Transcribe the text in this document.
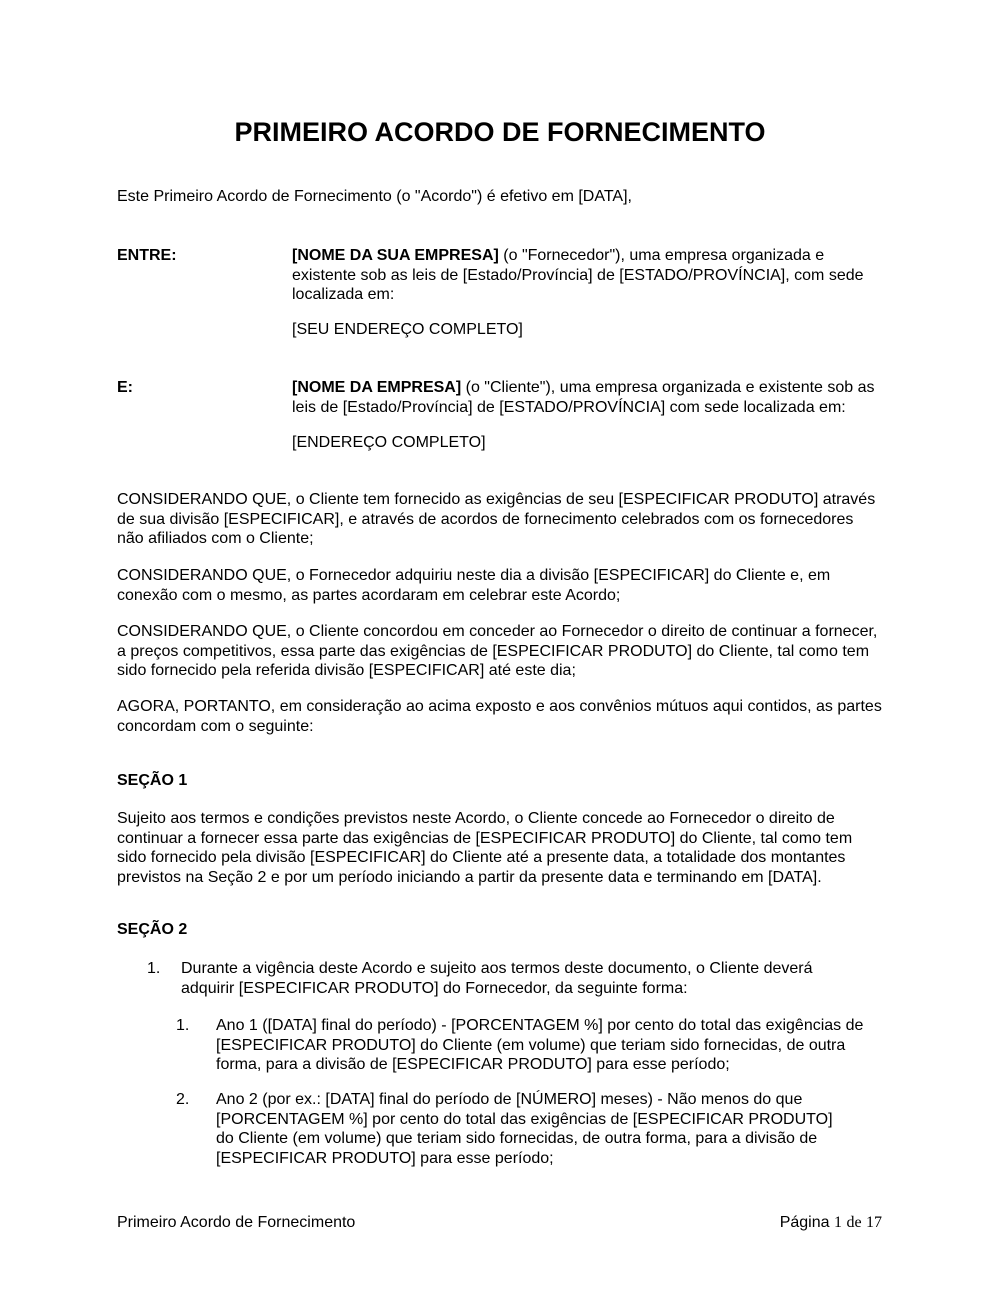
PRIMEIRO ACORDO DE FORNECIMENTO
Este Primeiro Acordo de Fornecimento (o "Acordo") é efetivo em [DATA],
ENTRE:	[NOME DA SUA EMPRESA] (o "Fornecedor"), uma empresa organizada e existente sob as leis de [Estado/Província] de [ESTADO/PROVÍNCIA], com sede localizada em:
[SEU ENDEREÇO COMPLETO]
E:	[NOME DA EMPRESA] (o "Cliente"), uma empresa organizada e existente sob as leis de [Estado/Província] de [ESTADO/PROVÍNCIA] com sede localizada em:
[ENDEREÇO COMPLETO]
CONSIDERANDO QUE, o Cliente tem fornecido as exigências de seu [ESPECIFICAR PRODUTO] através de sua divisão [ESPECIFICAR], e através de acordos de fornecimento celebrados com os fornecedores não afiliados com o Cliente;
CONSIDERANDO QUE, o Fornecedor adquiriu neste dia a divisão [ESPECIFICAR] do Cliente e, em conexão com o mesmo, as partes acordaram em celebrar este Acordo;
CONSIDERANDO QUE, o Cliente concordou em conceder ao Fornecedor o direito de continuar a fornecer, a preços competitivos, essa parte das exigências de [ESPECIFICAR PRODUTO] do Cliente, tal como tem sido fornecido pela referida divisão [ESPECIFICAR] até este dia;
AGORA, PORTANTO, em consideração ao acima exposto e aos convênios mútuos aqui contidos, as partes concordam com o seguinte:
SEÇÃO 1
Sujeito aos termos e condições previstos neste Acordo, o Cliente concede ao Fornecedor o direito de continuar a fornecer essa parte das exigências de [ESPECIFICAR PRODUTO] do Cliente, tal como tem sido fornecido pela divisão [ESPECIFICAR] do Cliente até a presente data, a totalidade dos montantes previstos na Seção 2 e por um período iniciando a partir da presente data e terminando em [DATA].
SEÇÃO 2
1. Durante a vigência deste Acordo e sujeito aos termos deste documento, o Cliente deverá adquirir [ESPECIFICAR PRODUTO] do Fornecedor, da seguinte forma:
1. Ano 1 ([DATA] final do período) - [PORCENTAGEM %] por cento do total das exigências de [ESPECIFICAR PRODUTO] do Cliente (em volume) que teriam sido fornecidas, de outra forma, para a divisão de [ESPECIFICAR PRODUTO] para esse período;
2. Ano 2 (por ex.: [DATA] final do período de [NÚMERO] meses) - Não menos do que [PORCENTAGEM %] por cento do total das exigências de [ESPECIFICAR PRODUTO] do Cliente (em volume) que teriam sido fornecidas, de outra forma, para a divisão de [ESPECIFICAR PRODUTO] para esse período;
Primeiro Acordo de Fornecimento	Página 1 de 17
